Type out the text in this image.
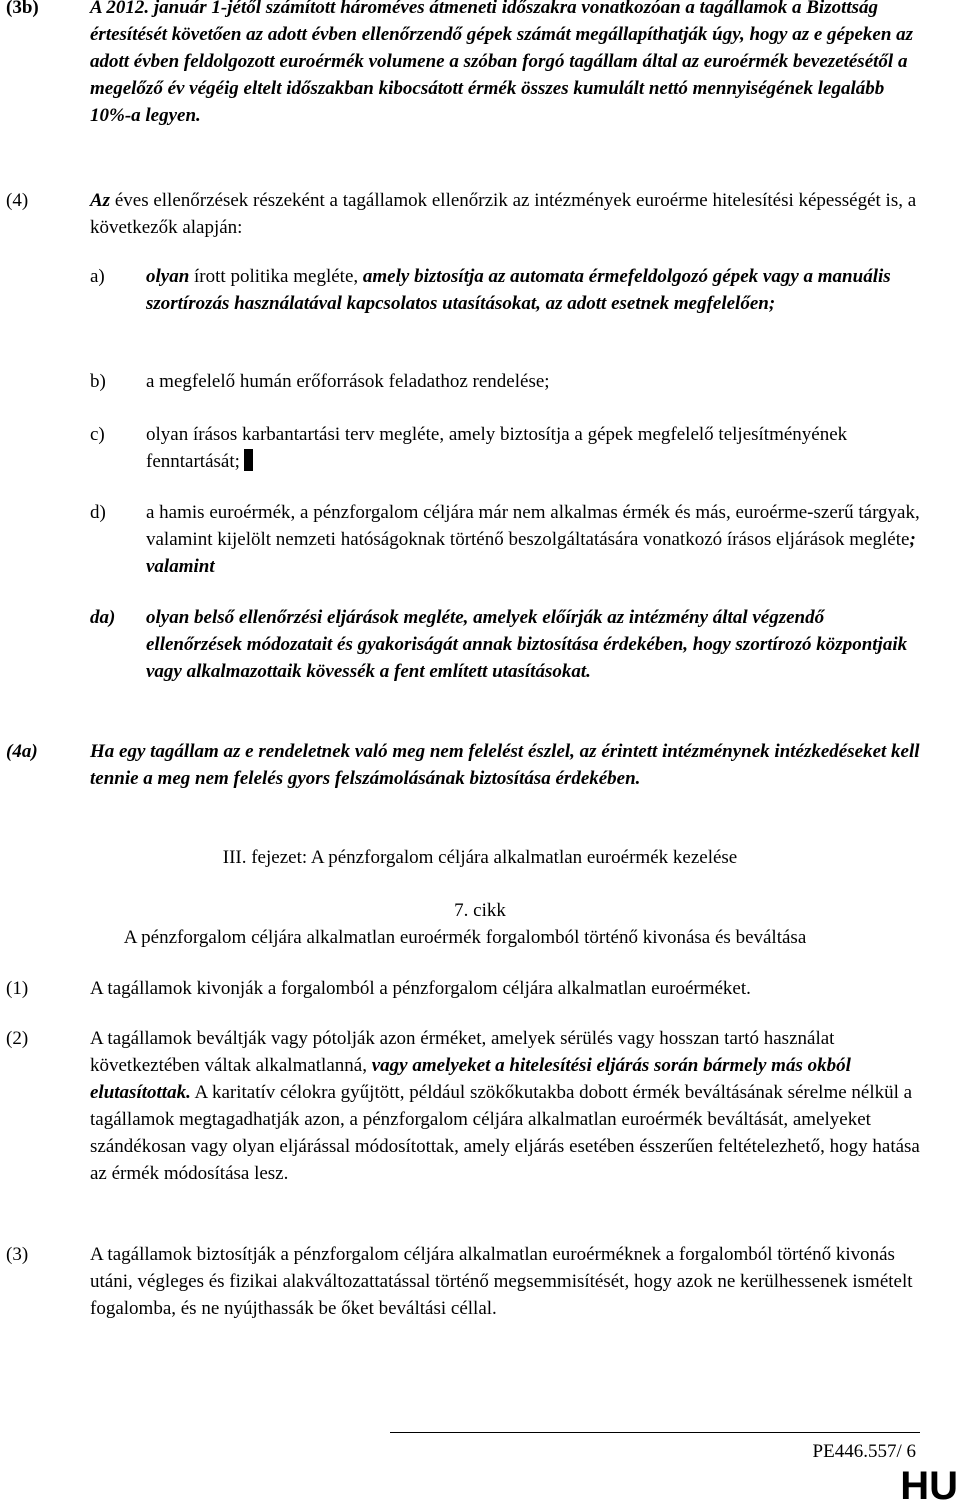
(3b)	A 2012. január 1-jétől számított hároméves átmeneti időszakra vonatkozóan a tagállamok a Bizottság értesítését követően az adott évben ellenőrzendő gépek számát megállapíthatják úgy, hogy az e gépeken az adott évben feldolgozott euroérmék volumene a szóban forgó tagállam által az euroérmék bevezetésétől a megelőző év végéig eltelt időszakban kibocsátott érmék összes kumulált nettó mennyiségének legalább 10%-a legyen.
(4)	Az éves ellenőrzések részeként a tagállamok ellenőrzik az intézmények euroérme hitelesítési képességét is, a következők alapján:
a) olyan írott politika megléte, amely biztosítja az automata érmefeldolgozó gépek vagy a manuális szortírozás használatával kapcsolatos utasításokat, az adott esetnek megfelelően;
b) a megfelelő humán erőforrások feladathoz rendelése;
c) olyan írásos karbantartási terv megléte, amely biztosítja a gépek megfelelő teljesítményének fenntartását;
d) a hamis euroérmék, a pénzforgalom céljára már nem alkalmas érmék és más, euroérme-szerű tárgyak, valamint kijelölt nemzeti hatóságoknak történő beszolgáltatására vonatkozó írásos eljárások megléte; valamint
da) olyan belső ellenőrzési eljárások megléte, amelyek előírják az intézmény által végzendő ellenőrzések módozatait és gyakoriságát annak biztosítása érdekében, hogy szortírozó központjaik vagy alkalmazottaik kövessék a fent említett utasításokat.
(4a)	Ha egy tagállam az e rendeletnek való meg nem felelést észlel, az érintett intézménynek intézkedéseket kell tennie a meg nem felelés gyors felszámolásának biztosítása érdekében.
III. fejezet: A pénzforgalom céljára alkalmatlan euroérmék kezelése
7. cikk
A pénzforgalom céljára alkalmatlan euroérmék forgalomból történő kivonása és beváltása
(1)	A tagállamok kivonják a forgalomból a pénzforgalom céljára alkalmatlan euroérméket.
(2)	A tagállamok beváltják vagy pótolják azon érméket, amelyek sérülés vagy hosszan tartó használat következtében váltak alkalmatlanná, vagy amelyeket a hitelesítési eljárás során bármely más okból elutasítottak. A karitatív célokra gyűjtött, például szökőkutakba dobott érmék beváltásának sérelme nélkül a tagállamok megtagadhatják azon, a pénzforgalom céljára alkalmatlan euroérmék beváltását, amelyeket szándékosan vagy olyan eljárással módosítottak, amely eljárás esetében ésszerűen feltételezhető, hogy hatása az érmék módosítása lesz.
(3)	A tagállamok biztosítják a pénzforgalom céljára alkalmatlan euroérméknek a forgalomból történő kivonás utáni, végleges és fizikai alakváltozattatással történő megsemmisítését, hogy azok ne kerülhessenek ismételt fogalomba, és ne nyújthassák be őket beváltási céllal.
PE446.557/ 6
HU
